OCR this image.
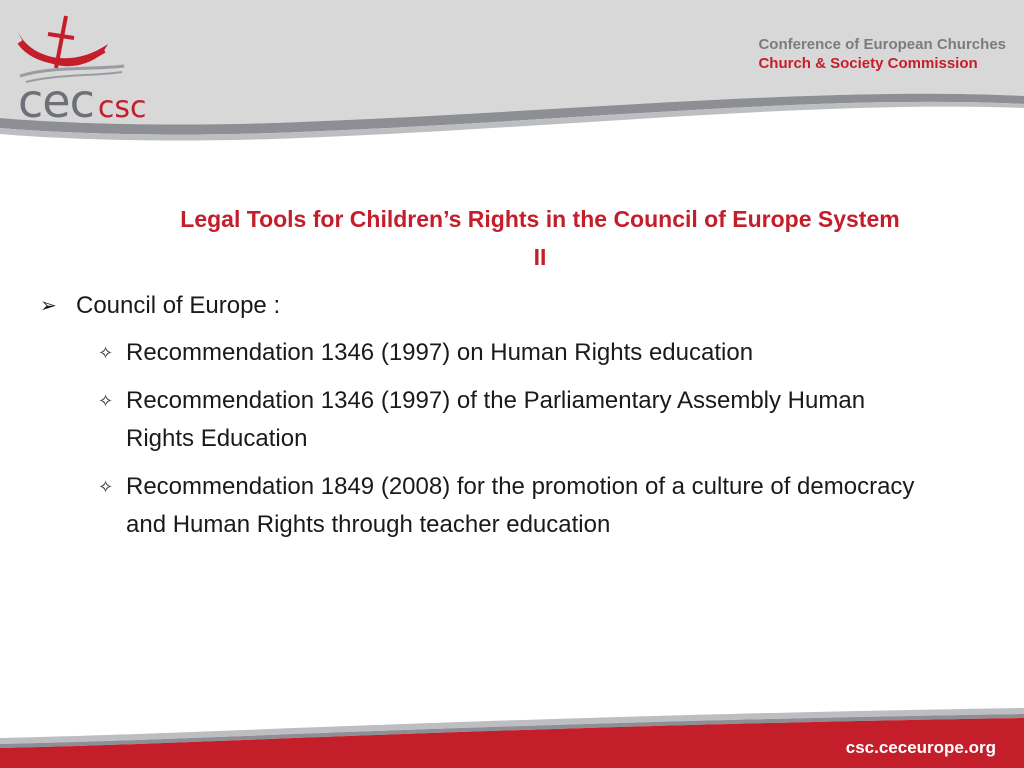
cec csc
Conference of European Churches
Church & Society Commission
Legal Tools for Children’s Rights in the Council of Europe System
II
➢ Council of Europe :
✧ Recommendation 1346 (1997) on Human Rights education
✧ Recommendation 1346 (1997) of the Parliamentary Assembly Human Rights Education
✧ Recommendation 1849 (2008) for the promotion of a culture of democracy and Human Rights through teacher education
csc.ceceurope.org
